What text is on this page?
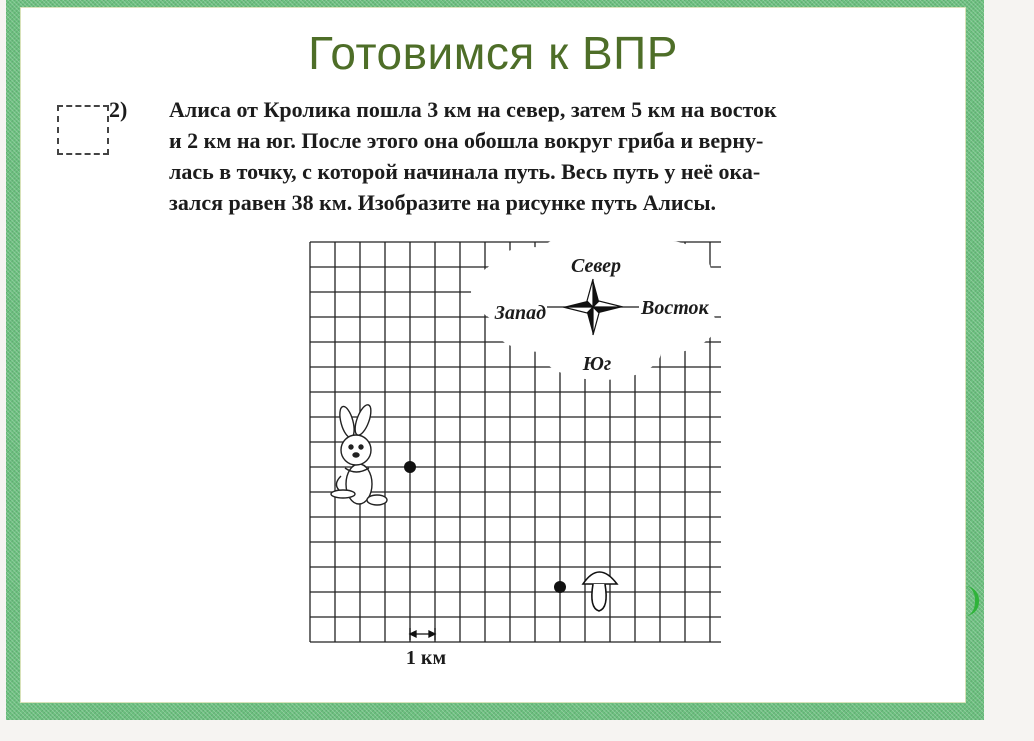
Готовимся к ВПР

2) Алиса от Кролика пошла 3 км на север, затем 5 км на восток

и 2 км на юг. После этого она обошла вокруг гриба и верну-

лась в точку, с которой начинала путь. Весь путь у неё ока-

зался равен 38 км. Изобразите на рисунке путь Алисы.

Север
Юг
Запад	Восток
1 км
